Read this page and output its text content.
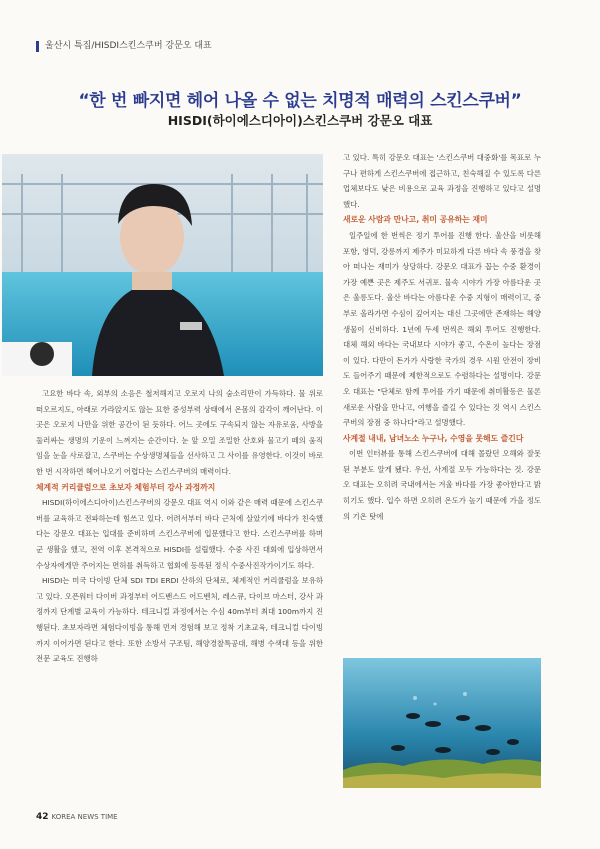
울산시 특집/HISDI스킨스쿠버 강문오 대표
“한 번 빠지면 헤어 나올 수 없는 치명적 매력의 스킨스쿠버”
HISDI(하이에스디아이)스킨스쿠버 강문오 대표

고요한 바다 속, 외부의 소음은 철저해지고 오로지 나의 숨소리만이 가득하다. 물 위로 떠오르지도, 아래로 가라앉지도 않는 묘한 중성부력 상태에서 온몸의 감각이 깨어난다. 이곳은 오로지 나만을 위한 공간이 된 듯하다. 어느 곳에도 구속되지 않는 자유로움, 사방을 둘러싸는 생명의 기운이 느껴지는 순간이다. 눈 앞 오밀 조밀한 산호와 물고기 떼의 움직임을 눈을 사로잡고, 스쿠버는 수상생명체들을 선사하고 그 사이를 유영한다. 이것이 바로 한 번 시작하면 헤어나오기 어렵다는 스킨스쿠버의 매력이다.

체계적 커리큘럼으로 초보자 체험부터 강사 과정까지

HISDI(하이에스디아이)스킨스쿠버의 강문오 대표 역시 이와 같은 매력 때문에 스킨스쿠버를 교육하고 전파하는데 힘쓰고 있다. 어려서부터 바다 근처에 살았기에 바다가 친숙했다는 강문오 대표는 입대를 준비하며 스킨스쿠버에 입문했다고 한다. 스킨스쿠버를 하며 군 생활을 했고, 전역 이후 본격적으로 HISDI를 설립했다. 수중 사진 대회에 입상하면서 수상자에게만 주어지는 면허를 취득하고 협회에 등록된 정식 수중사진작가이기도 하다.

HISDI는 미국 다이빙 단체 SDI TDI ERDI 산하의 단체로, 체계적인 커리큘럼을 보유하고 있다. 오픈워터 다이버 과정부터 어드밴스드 어드벤처, 레스큐, 다이브 마스터, 강사 과정까지 단계별 교육이 가능하다. 테크니컬 과정에서는 수심 40m부터 최대 100m까지 진행된다. 초보자라면 체험다이빙을 통해 먼저 경험해 보고 정착 기초교육, 테크니컬 다이빙까지 이어가면 된다고 한다. 또한 소방서 구조팀, 해양경찰특공대, 해병 수색대 등을 위한 전문 교육도 진행하

고 있다. 특히 강문오 대표는 '스킨스쿠버 대중화'를 목표로 누구나 편하게 스킨스쿠버에 접근하고, 친숙해질 수 있도록 다른 업체보다도 낮은 비용으로 교육 과정을 진행하고 있다고 설명했다.

새로운 사람과 만나고, 취미 공유하는 재미

일주일에 한 번씩은 정기 투어를 진행 한다. 울산을 비롯해 포항, 영덕, 강릉까지 제주가 미묘하게 다른 바다 속 풍경을 찾아 떠나는 재미가 상당하다. 강문오 대표가 꼽는 수중 환경이 가장 예쁜 곳은 제주도 서귀포. 물속 시야가 가장 아름다운 곳은 울릉도다. 울산 바다는 아름다운 수중 지형이 매력이고, 중부로 올라가면 수심이 깊어지는 대신 그곳에만 존재하는 해양 생물이 신비하다. 1년에 두세 번씩은 해외 투어도 진행한다. 대체 해외 바다는 국내보다 시야가 좋고, 수온이 높다는 장점이 있다. 다만이 돈가가 사랑한 국가의 경우 시원 안전이 장비도 들어주기 때문에 제한적으로도 수렴하다는 설명이다. 강문오 대표는 "단체로 함께 투어를 가기 때문에 취미활동은 물론 새로운 사람을 만나고, 여행을 즐길 수 있다는 것 역시 스킨스쿠버의 장점 중 하나다"라고 설명했다.

사계절 내내, 남녀노소 누구나, 수영을 못해도 즐긴다

이번 인터뷰를 통해 스킨스쿠버에 대해 몰랐던 오해와 잘못된 부분도 알게 됐다. 우선, 사계절 모두 가능하다는 것. 강문오 대표는 오히려 국내에서는 겨울 바다를 가장 좋아한다고 밝히기도 했다. 입수 하면 오히려 온도가 높기 때문에 가을 정도의 기온 탓에

42 KOREA NEWS TIME
